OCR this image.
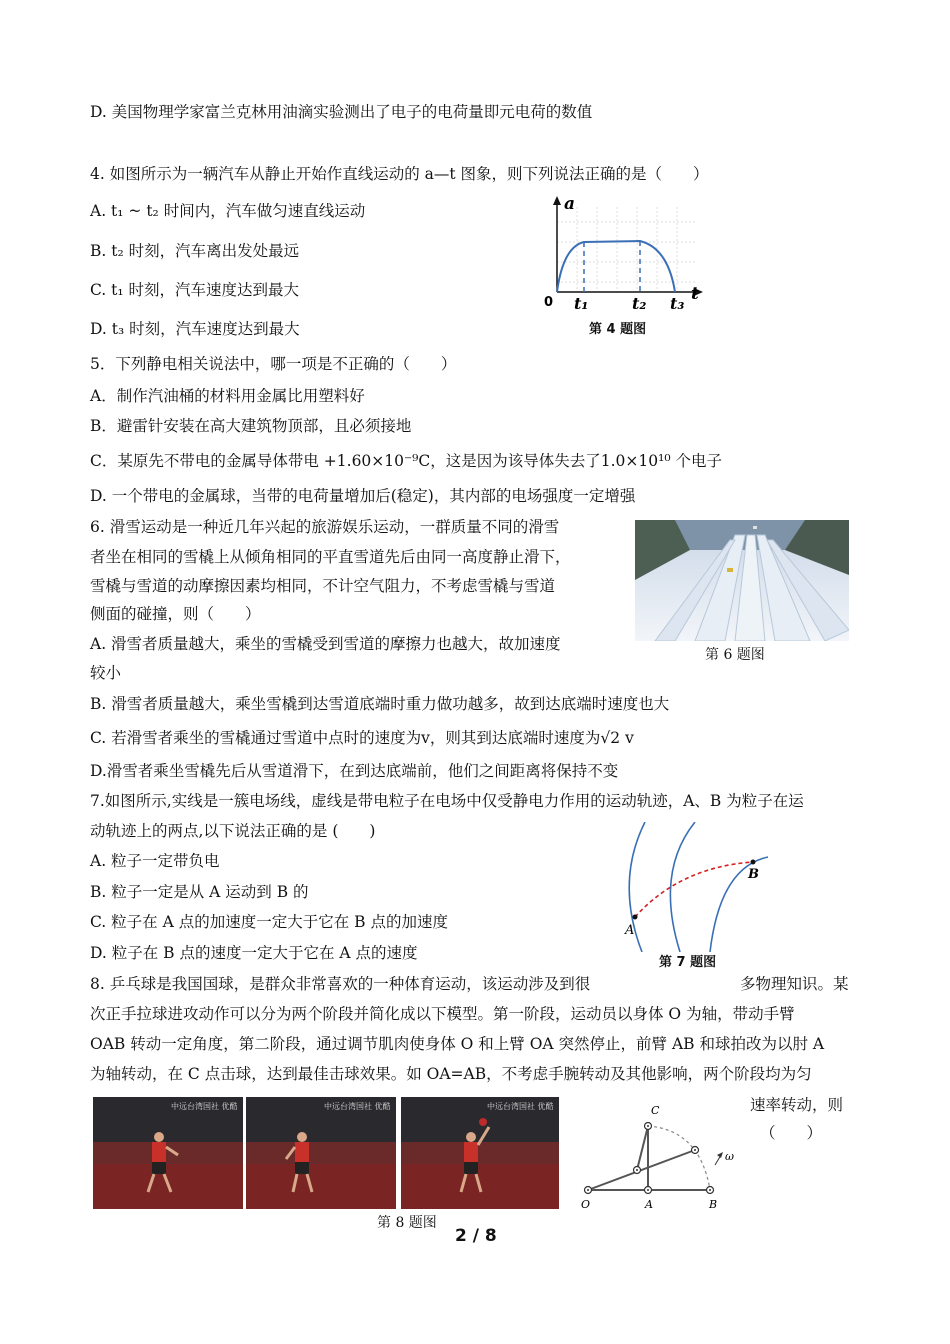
D. 美国物理学家富兰克林用油滴实验测出了电子的电荷量即元电荷的数值
4. 如图所示为一辆汽车从静止开始作直线运动的 a—t 图象，则下列说法正确的是（　　）
A. t₁ ~ t₂ 时间内，汽车做匀速直线运动
B. t₂ 时刻，汽车离出发处最远
C. t₁ 时刻，汽车速度达到最大
D. t₃ 时刻，汽车速度达到最大
5．下列静电相关说法中，哪一项是不正确的（　　）
A．制作汽油桶的材料用金属比用塑料好
B．避雷针安装在高大建筑物顶部，且必须接地
C．某原先不带电的金属导体带电 +1.60×10⁻⁹C，这是因为该导体失去了1.0×10¹⁰ 个电子
D. 一个带电的金属球，当带的电荷量增加后(稳定)，其内部的电场强度一定增强
6. 滑雪运动是一种近几年兴起的旅游娱乐运动，一群质量不同的滑雪
者坐在相同的雪橇上从倾角相同的平直雪道先后由同一高度静止滑下，
雪橇与雪道的动摩擦因素均相同，不计空气阻力，不考虑雪橇与雪道
侧面的碰撞，则（　　）
A. 滑雪者质量越大，乘坐的雪橇受到雪道的摩擦力也越大，故加速度
较小
B. 滑雪者质量越大，乘坐雪橇到达雪道底端时重力做功越多，故到达底端时速度也大
C. 若滑雪者乘坐的雪橇通过雪道中点时的速度为v，则其到达底端时速度为√2 v
D.滑雪者乘坐雪橇先后从雪道滑下，在到达底端前，他们之间距离将保持不变
7.如图所示,实线是一簇电场线，虚线是带电粒子在电场中仅受静电力作用的运动轨迹，A、B 为粒子在运
动轨迹上的两点,以下说法正确的是 (　　)
A. 粒子一定带负电
B. 粒子一定是从 A 运动到 B 的
C. 粒子在 A 点的加速度一定大于它在 B 点的加速度
D. 粒子在 B 点的速度一定大于它在 A 点的速度
8. 乒乓球是我国国球，是群众非常喜欢的一种体育运动，该运动涉及到很	多物理知识。某
次正手拉球进攻动作可以分为两个阶段并简化成以下模型。第一阶段，运动员以身体 O 为轴，带动手臂
OAB 转动一定角度，第二阶段，通过调节肌肉使身体 O 和上臂 OA 突然停止，前臂 AB 和球拍改为以肘 A
为轴转动，在 C 点击球，达到最佳击球效果。如 OA=AB，不考虑手腕转动及其他影响，两个阶段均为匀
速率转动，则
（　　）
a
t
0 t₁	t₂ t₃
第 4 题图
第 6 题图
A
B
第 7 题图
中远台湾国社 优酷	中远台湾国社 优酷	中远台湾国社 优酷
O	A	B
C
ω
第 8 题图
2 / 8
